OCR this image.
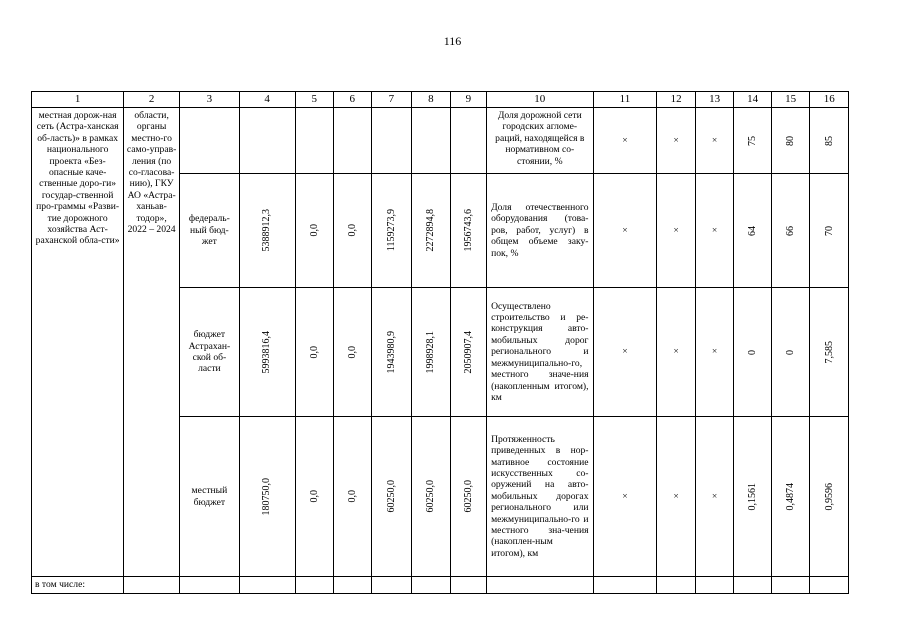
116
1	2	3	4	5	6	7	8	9	10	11	12	13	14	15	16
местная дорож-ная сеть (Астра-ханская об-ласть)» в рамках национального проекта «Без-опасные каче-ственные доро-ги» государ-ственной про-граммы «Разви-тие дорожного хозяйства Аст-раханской обла-сти»	области, органы местно-го само-управ-ления (по со-гласова-нию), ГКУ АО «Астра-ханьав-тодор», 2022 – 2024								Доля дорожной сети городских агломе-раций, находящейся в нормативном со-стоянии, %	×	×	×	75	80	85

		федераль-ный бюд-жет	5388912,3	0,0	0,0	1159273,9	2272894,8	1956743,6	Доля отечественного оборудования (това-ров, работ, услуг) в общем объеме заку-пок, %	×	×	×	64	66	70

		бюджет Астрахан-ской об-ласти	5993816,4	0,0	0,0	1943980,9	1998928,1	2050907,4	Осуществлено строительство и ре-конструкция авто-мобильных дорог регионального и межмуниципально-го, местного значе-ния (накопленным итогом), км	×	×	×	0	0	7,585

		местный бюджет	180750,0	0,0	0,0	60250,0	60250,0	60250,0	Протяженность приведенных в нор-мативное состояние искусственных со-оружений на авто-мобильных дорогах регионального или межмуниципально-го и местного зна-чения (накоплен-ным итогом), км	×	×	×	0,1561	0,4874	0,9596

в том числе:															
